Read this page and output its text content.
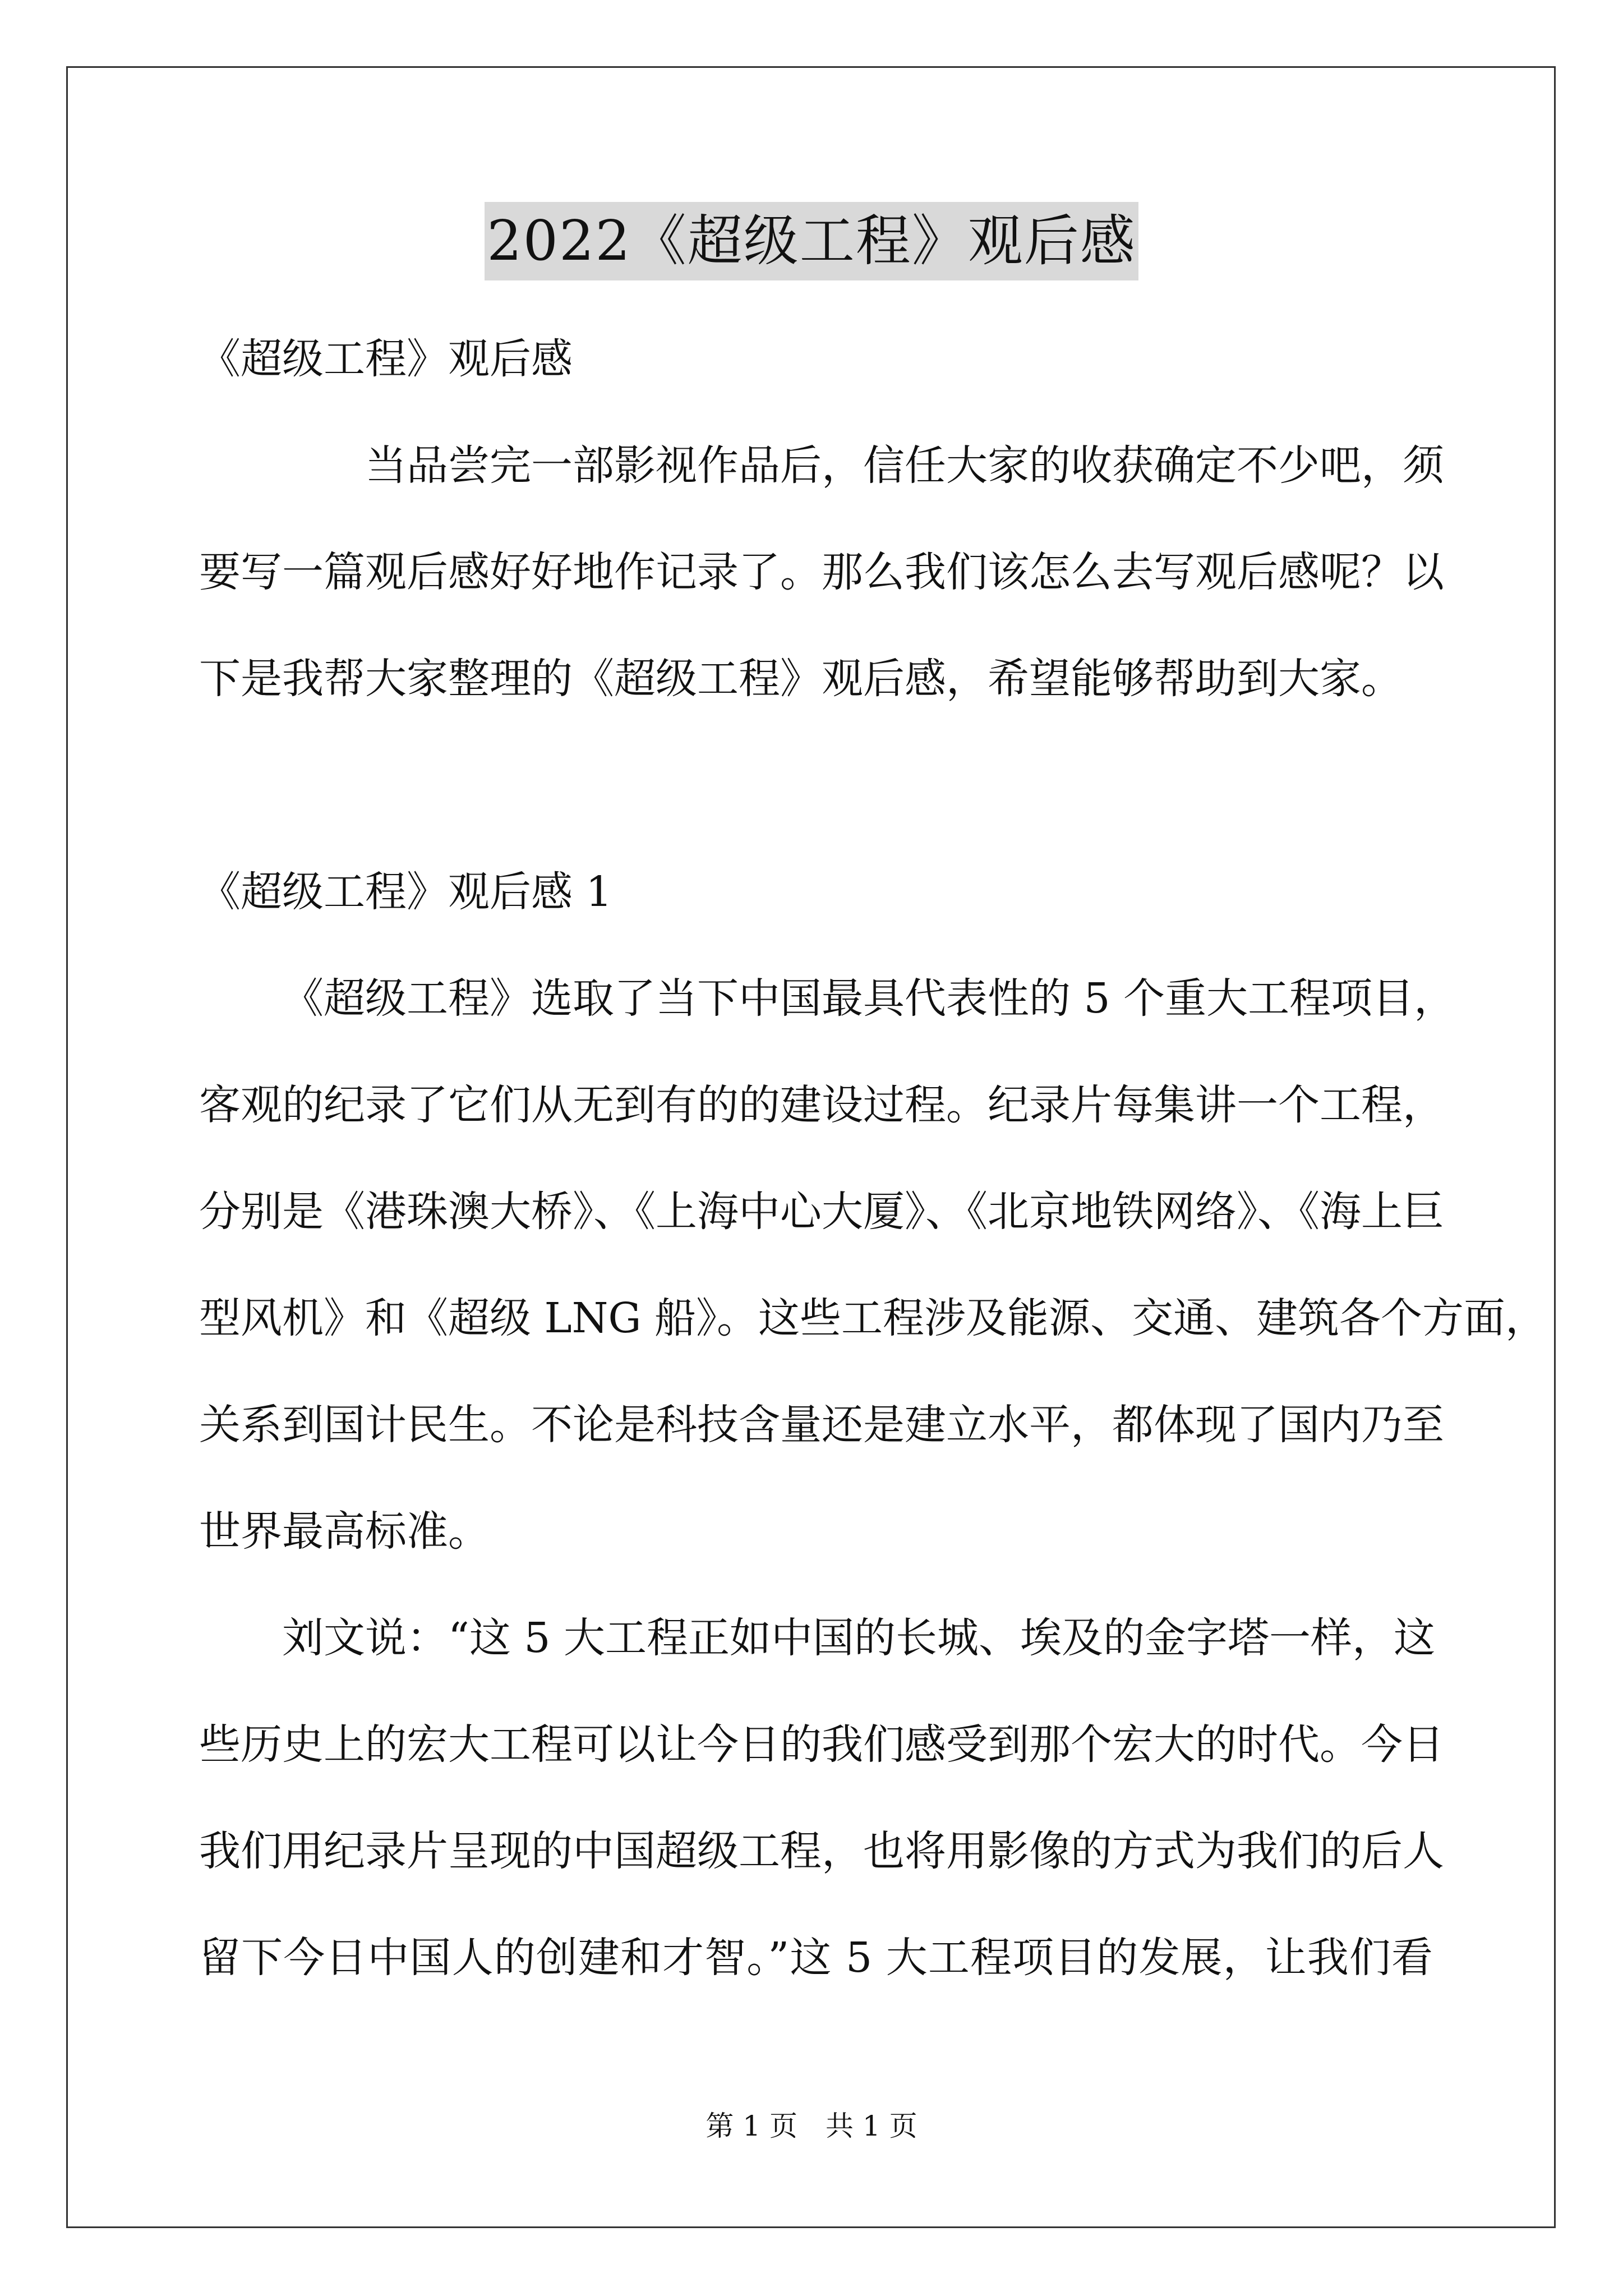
2022《超级工程》观后感
《超级工程》观后感
当品尝完一部影视作品后，信任大家的收获确定不少吧，须
要写一篇观后感好好地作记录了。那么我们该怎么去写观后感呢？以
下是我帮大家整理的《超级工程》观后感，希望能够帮助到大家。
《超级工程》观后感 1
《超级工程》选取了当下中国最具代表性的 5 个重大工程项目，
客观的纪录了它们从无到有的的建设过程。纪录片每集讲一个工程，
分别是《港珠澳大桥》、《上海中心大厦》、《北京地铁网络》、《海上巨
型风机》和《超级 LNG 船》。这些工程涉及能源、交通、建筑各个方面，
关系到国计民生。不论是科技含量还是建立水平，都体现了国内乃至
世界最高标准。
刘文说：“这 5 大工程正如中国的长城、埃及的金字塔一样，这
些历史上的宏大工程可以让今日的我们感受到那个宏大的时代。今日
我们用纪录片呈现的中国超级工程，也将用影像的方式为我们的后人
留下今日中国人的创建和才智。”这 5 大工程项目的发展，让我们看
第 1 页　共 1 页
